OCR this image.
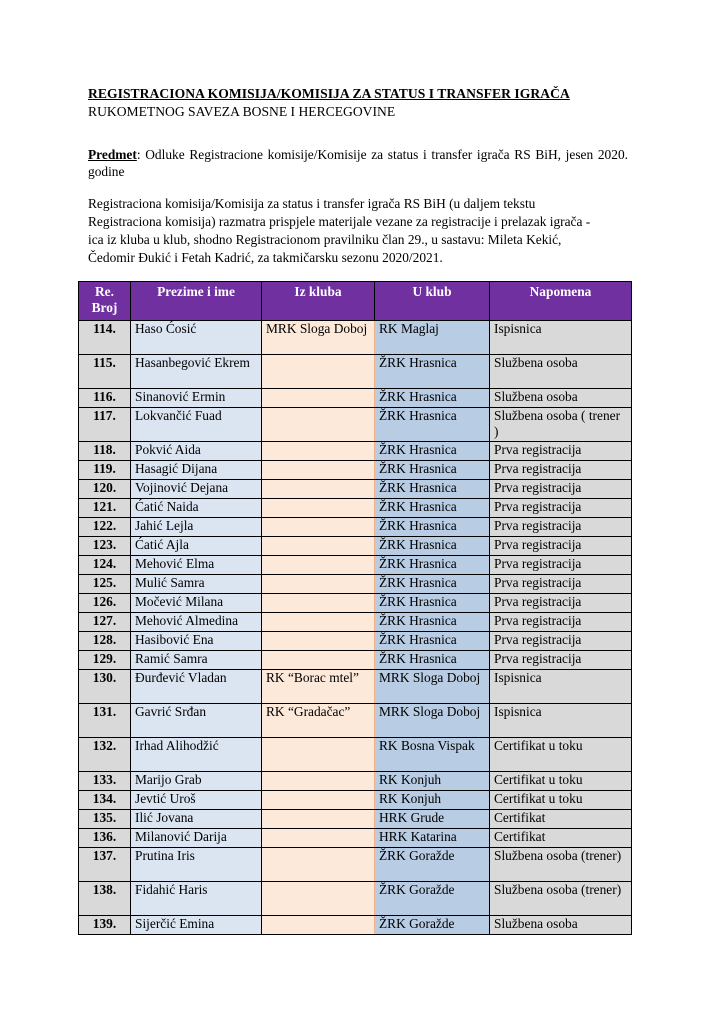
REGISTRACIONA KOMISIJA/KOMISIJA ZA STATUS I TRANSFER IGRAČA
RUKOMETNOG SAVEZA BOSNE I HERCEGOVINE
Predmet: Odluke Registracione komisije/Komisije za status i transfer igrača RS BiH, jesen 2020. godine
Registraciona komisija/Komisija za status i transfer igrača RS BiH (u daljem tekstu
Registraciona komisija) razmatra prispjele materijale vezane za registracije i prelazak igrača -
ica iz kluba u klub, shodno Registracionom pravilniku član 29., u sastavu: Mileta Kekić,
Čedomir Đukić i Fetah Kadrić, za takmičarsku sezonu 2020/2021.
Re. Broj	Prezime i ime	Iz kluba	U klub	Napomena
114.	Haso Ćosić	MRK Sloga Doboj	RK Maglaj	Ispisnica
115.	Hasanbegović Ekrem		ŽRK Hrasnica	Službena osoba
116.	Sinanović Ermin		ŽRK Hrasnica	Službena osoba
117.	Lokvančić Fuad		ŽRK Hrasnica	Službena osoba ( trener )
118.	Pokvić Aida		ŽRK Hrasnica	Prva registracija
119.	Hasagić Dijana		ŽRK Hrasnica	Prva registracija
120.	Vojinović Dejana		ŽRK Hrasnica	Prva registracija
121.	Ćatić Naida		ŽRK Hrasnica	Prva registracija
122.	Jahić Lejla		ŽRK Hrasnica	Prva registracija
123.	Ćatić Ajla		ŽRK Hrasnica	Prva registracija
124.	Mehović Elma		ŽRK Hrasnica	Prva registracija
125.	Mulić Samra		ŽRK Hrasnica	Prva registracija
126.	Močević Milana		ŽRK Hrasnica	Prva registracija
127.	Mehović Almedina		ŽRK Hrasnica	Prva registracija
128.	Hasibović Ena		ŽRK Hrasnica	Prva registracija
129.	Ramić Samra		ŽRK Hrasnica	Prva registracija
130.	Đurđević Vladan	RK “Borac mtel”	MRK Sloga Doboj	Ispisnica
131.	Gavrić Srđan	RK “Gradačac”	MRK Sloga Doboj	Ispisnica
132.	Irhad Alihodžić		RK Bosna Vispak	Certifikat u toku
133.	Marijo Grab		RK Konjuh	Certifikat u toku
134.	Jevtić Uroš		RK Konjuh	Certifikat u toku
135.	Ilić Jovana		HRK Grude	Certifikat
136.	Milanović Darija		HRK Katarina	Certifikat
137.	Prutina Iris		ŽRK Goražde	Službena osoba (trener)
138.	Fidahić Haris		ŽRK Goražde	Službena osoba (trener)
139.	Sijerčić Emina		ŽRK Goražde	Službena osoba
